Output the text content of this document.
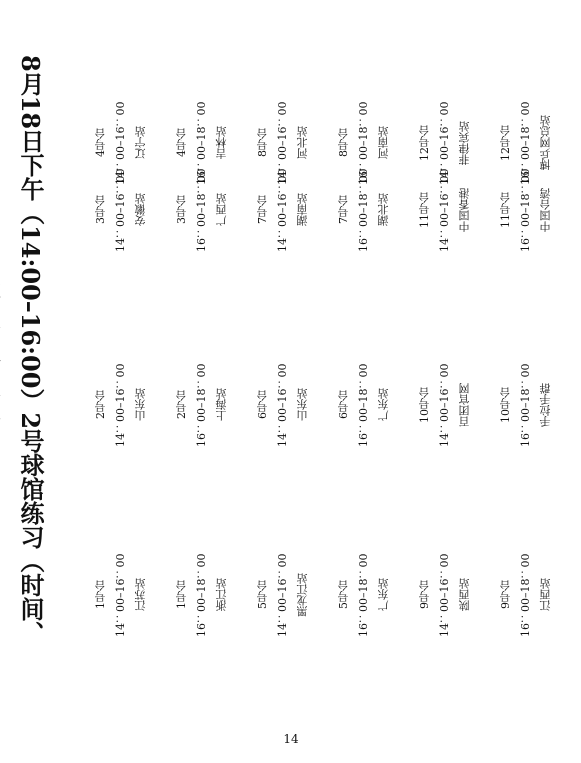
8月18日下午（14:00–16:00）2号球馆练习（时间、
1号台 14：00–16：00 江苏站
2号台 14：00–16：00 山东站
3号台 14：00–16：00 安徽站
4号台 14：00–16：00 辽宁站
1号台 16：00–18：00 浙江站
2号台 16：00–18：00 上海站
3号台 16：00–18：00 广西站
4号台 16：00–18：00 吉林站
5号台 14：00–16：00 黑龙江站
6号台 14：00–16：00 山东站
7号台 14：00–16：00 湖南站
8号台 14：00–16：00 河北站
5号台 16：00–18：00 广东站
6号台 16：00–18：00 广东站
7号台 16：00–18：00 湖北站
8号台 16：00–18：00 河南站
9号台 14：00–16：00 陕西站
10号台 14：00–16：00 百团官网
11号台 14：00–16：00 中国香港
12号台 14：00–16：00 菲律宾站
9号台 16：00–18：00 江西站
10号台 16：00–18：00 手拉手群
11号台 16：00–18：00 中国台湾
12号台 16：00–18：00 博乒网总站
14
